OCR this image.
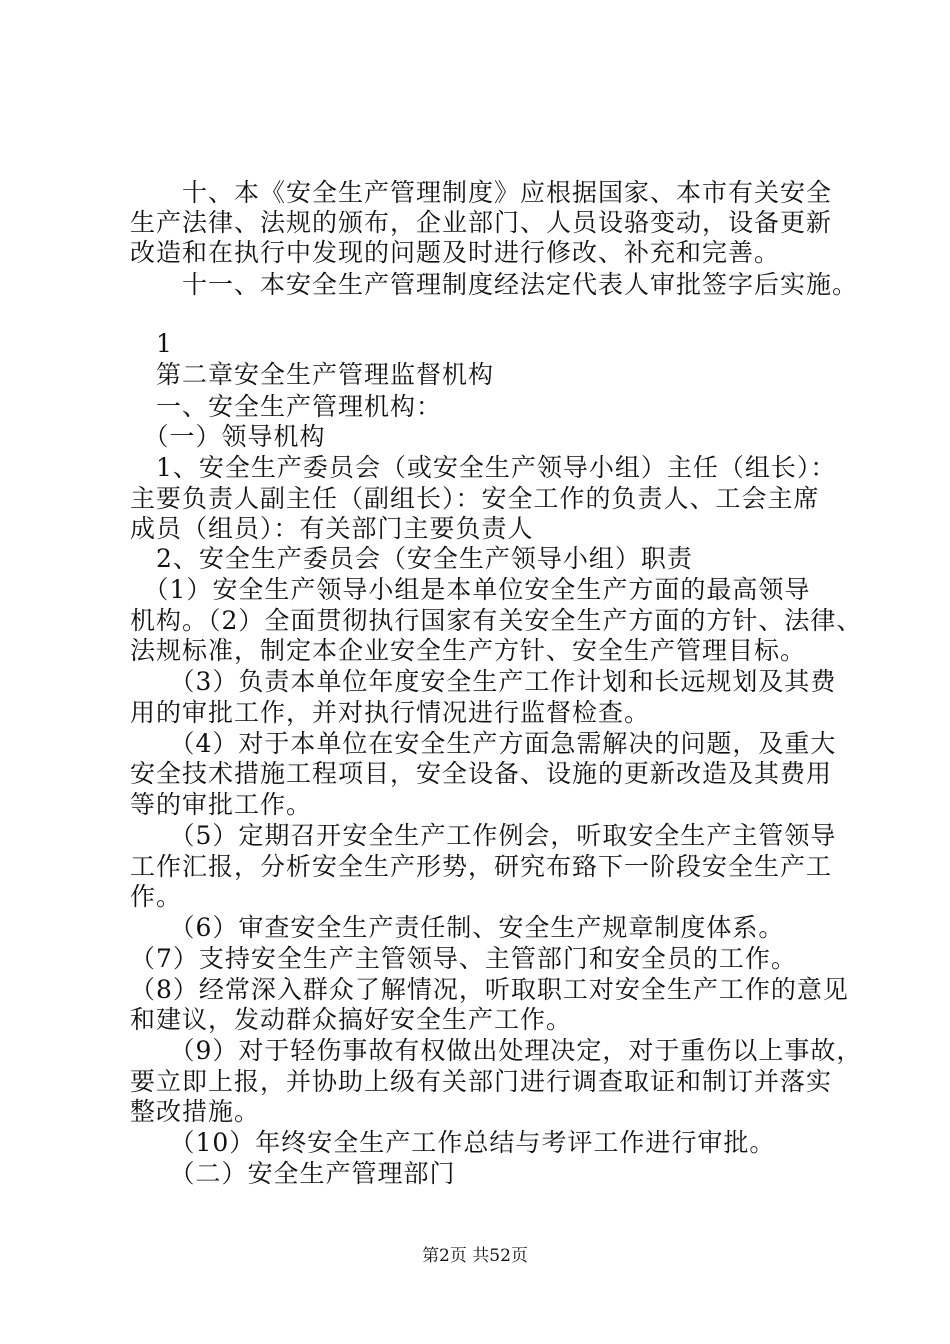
　　十、本《安全生产管理制度》应根据国家、本市有关安全
生产法律、法规的颁布，企业部门、人员设骆变动，设备更新
改造和在执行中发现的问题及时进行修改、补充和完善。
　　十一、本安全生产管理制度经法定代表人审批签字后实施。
　1
　第二章安全生产管理监督机构
　一、安全生产管理机构：
　（一）领导机构
　1、安全生产委员会（或安全生产领导小组）主任（组长）：
主要负责人副主任（副组长）：安全工作的负责人、工会主席
成员（组员）：有关部门主要负责人
　2、安全生产委员会（安全生产领导小组）职责
　（1）安全生产领导小组是本单位安全生产方面的最高领导
机构。（2）全面贯彻执行国家有关安全生产方面的方针、法律、
法规标准，制定本企业安全生产方针、安全生产管理目标。
　　（3）负责本单位年度安全生产工作计划和长远规划及其费
用的审批工作，并对执行情况进行监督检查。
　　（4）对于本单位在安全生产方面急需解决的问题，及重大
安全技术措施工程项目，安全设备、设施的更新改造及其费用
等的审批工作。
　　（5）定期召开安全生产工作例会，听取安全生产主管领导
工作汇报，分析安全生产形势，研究布臵下一阶段安全生产工
作。
　　（6）审查安全生产责任制、安全生产规章制度体系。
（7）支持安全生产主管领导、主管部门和安全员的工作。
（8）经常深入群众了解情况，听取职工对安全生产工作的意见
和建议，发动群众搞好安全生产工作。
　　（9）对于轻伤事故有权做出处理决定，对于重伤以上事故，
要立即上报，并协助上级有关部门进行调查取证和制订并落实
整改措施。
　　（10）年终安全生产工作总结与考评工作进行审批。
　　（二）安全生产管理部门
第2页 共52页
